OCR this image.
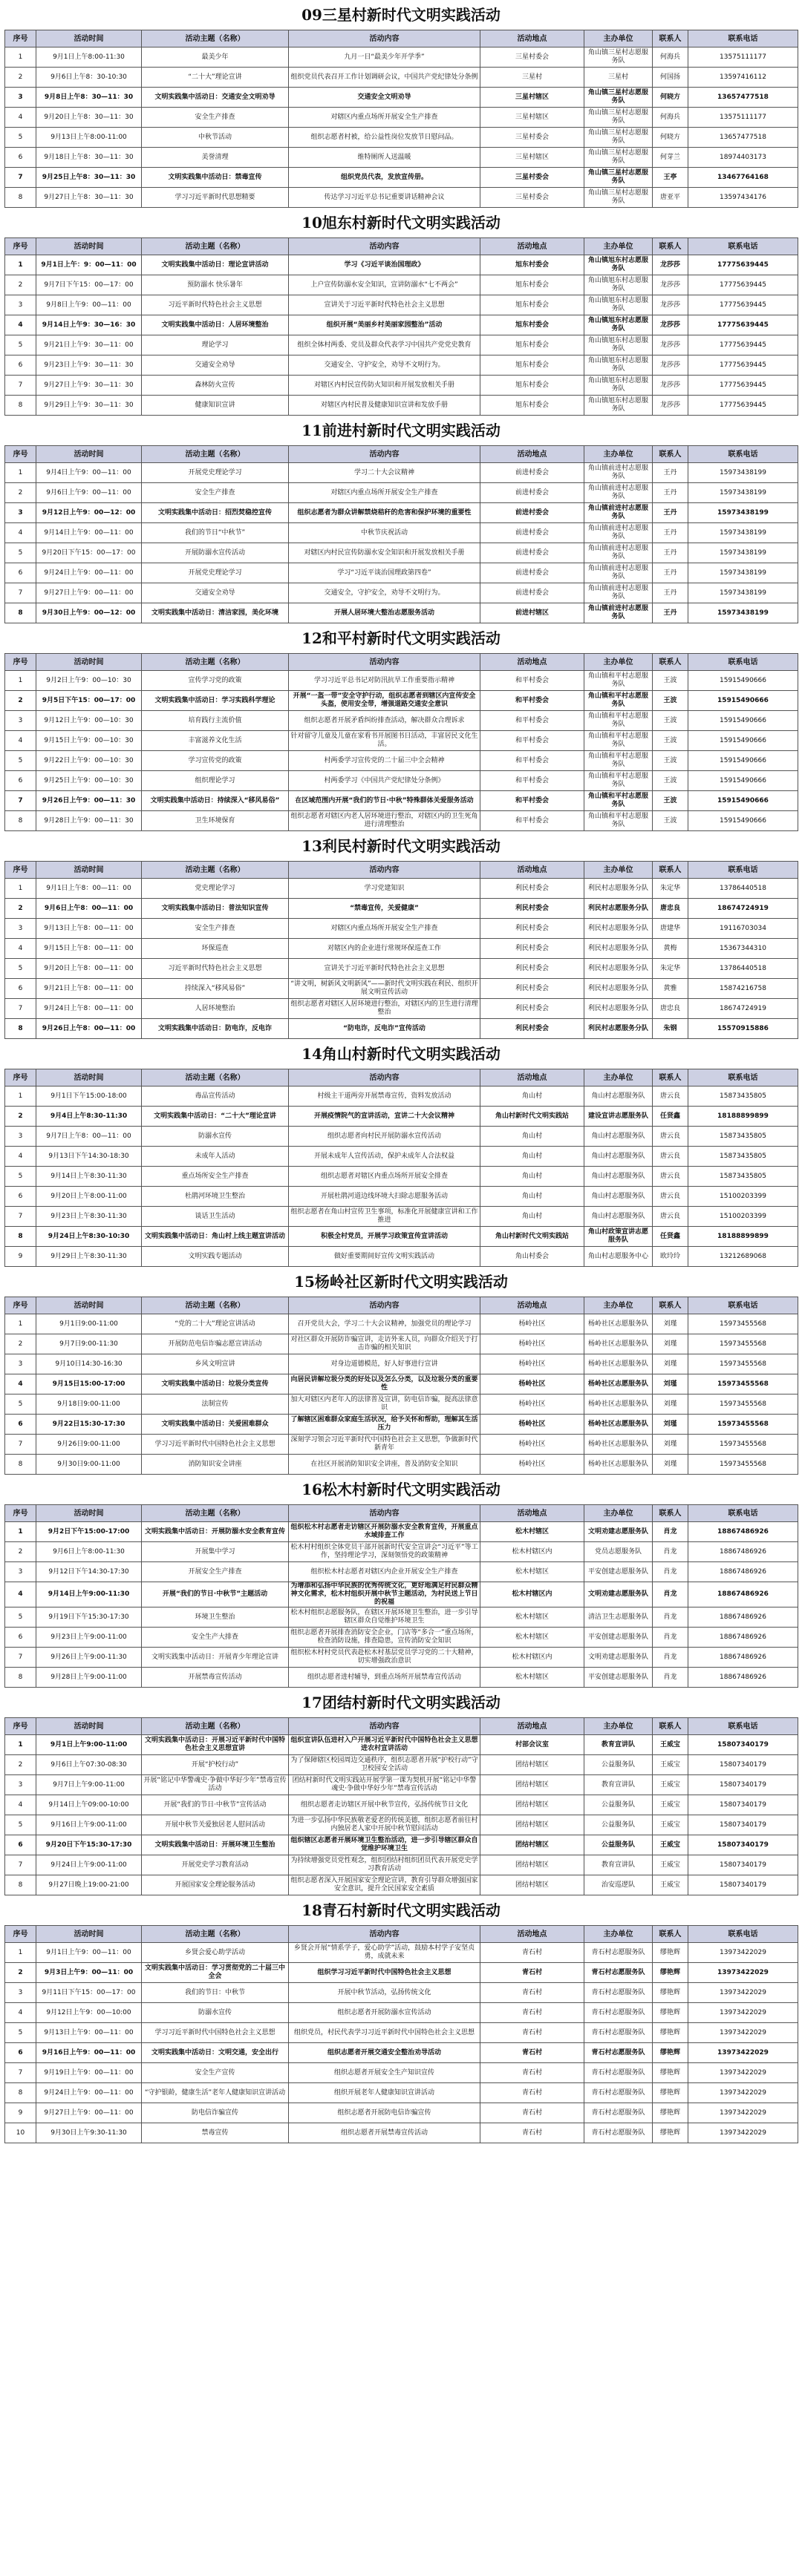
09三星村新时代文明实践活动
序号	活动时间	活动主题（名称）	活动内容	活动地点	主办单位	联系人	联系电话
1	9月1日上午8:00-11:30	最美少年	九月一日“最美少年开学季”	三星村委会	角山镇三星村志愿服务队	何海兵	13575111177
2	9月6日上午8：30-10:30	“二十大”理论宣讲	组织党员代表召开工作计划调研会议，中国共产党纪律处分条例	三星村	三星村	何国扬	13597416112
3	9月8日上午8：30—11：30	文明实践集中活动日：交通安全文明劝导	交通安全文明劝导	三星村辖区	角山镇三星村志愿服务队	何晓方	13657477518
4	9月20日上午8：30—11：30	安全生产排查	对辖区内重点场所开展安全生产排查	三星村辖区	角山镇三星村志愿服务队	何海兵	13575111177
5	9月13日上午8:00-11:00	中秋节活动	组织志愿者村被，给公益性岗位发放节日慰问品。	三星村委会	角山镇三星村志愿服务队	何晓方	13657477518
6	9月18日上午8：30—11：30	美誉清理	维特厕所人送温暖	三星村辖区	角山镇三星村志愿服务队	何芽兰	18974403173
7	9月25日上午8：30—11：30	文明实践集中活动日：禁毒宣传	组织党员代表，发放宣传册。	三星村委会	角山镇三星村志愿服务队	王亭	13467764168
8	9月27日上午8：30—11：30	学习习近平新时代思想精要	传达学习习近平总书记重要讲话精神会议	三星村委会	角山镇三星村志愿服务队	唐亚平	13597434176
10旭东村新时代文明实践活动
序号	活动时间	活动主题（名称）	活动内容	活动地点	主办单位	联系人	联系电话
1	9月1日上午：9：00—11：00	文明实践集中活动日：理论宣讲活动	学习《习近平谈治国理政》	旭东村委会	角山镇旭东村志愿服务队	龙莎莎	17775639445
2	9月7日下午15：00—17：00	预防溺水 快乐暑年	上户宣传防溺水安全知识，宣讲防溺水“七不两会”	旭东村委会	角山镇旭东村志愿服务队	龙莎莎	17775639445
3	9月8日上午9：00—11：00	习近平新时代特色社会主义思想	宣讲关于习近平新时代特色社会主义思想	旭东村委会	角山镇旭东村志愿服务队	龙莎莎	17775639445
4	9月14日上午9：30—16：30	文明实践集中活动日：人居环境整治	组织开展“美丽乡村美丽家园整治”活动	旭东村委会	角山镇旭东村志愿服务队	龙莎莎	17775639445
5	9月21日上午9：30—11：00	理论学习	组织全体村两委、党员及群众代表学习中国共产党党史教育	旭东村委会	角山镇旭东村志愿服务队	龙莎莎	17775639445
6	9月23日上午9：30—11：30	交通安全劝导	交通安全、守护安全，劝导不文明行为。	旭东村委会	角山镇旭东村志愿服务队	龙莎莎	17775639445
7	9月27日上午9：30—11：30	森林防火宣传	对辖区内村民宣传防火知识和开展发放相关手册	旭东村委会	角山镇旭东村志愿服务队	龙莎莎	17775639445
8	9月29日上午9：30—11：30	健康知识宣讲	对辖区内村民普及健康知识宣讲和发放手册	旭东村委会	角山镇旭东村志愿服务队	龙莎莎	17775639445
11前进村新时代文明实践活动
序号	活动时间	活动主题（名称）	活动内容	活动地点	主办单位	联系人	联系电话
1	9月4日上午9：00—11：00	开展党史理论学习	学习二十大会议精神	前进村委会	角山镇前进村志愿服务队	王丹	15973438199
2	9月6日上午9：00—11：00	安全生产排查	对辖区内重点场所开展安全生产排查	前进村委会	角山镇前进村志愿服务队	王丹	15973438199
3	9月12日上午9：00—12：00	文明实践集中活动日：招烈焚稳控宣传	组织志愿者为群众讲解禁烧秸秆的危害和保护环境的重要性	前进村委会	角山镇前进村志愿服务队	王丹	15973438199
4	9月14日上午9：00—11：00	我们的节日“中秋节”	中秋节庆祝活动	前进村委会	角山镇前进村志愿服务队	王丹	15973438199
5	9月20日下午15：00—17：00	开展防溺水宣传活动	对辖区内村民宣传防溺水安全知识和开展发放相关手册	前进村委会	角山镇前进村志愿服务队	王丹	15973438199
6	9月24日上午9：00—11：00	开展党史理论学习	学习“习近平谈治国理政第四卷”	前进村委会	角山镇前进村志愿服务队	王丹	15973438199
7	9月27日上午9：00—11：00	交通安全劝导	交通安全，守护安全，劝导不文明行为。	前进村委会	角山镇前进村志愿服务队	王丹	15973438199
8	9月30日上午9：00—12：00	文明实践集中活动日：清洁家园，美化环境	开展人居环境大整治志愿服务活动	前进村辖区	角山镇前进村志愿服务队	王丹	15973438199
12和平村新时代文明实践活动
序号	活动时间	活动主题（名称）	活动内容	活动地点	主办单位	联系人	联系电话
1	9月2日上午9：00—10：30	宣传学习党的政策	学习习近平总书记对防汛抗旱工作重要指示精神	和平村委会	角山镇和平村志愿服务队	王波	15915490666
2	9月5日下午15：00—17：00	文明实践集中活动日：学习实践科学理论	开展“一盔一带”安全守护行动，组织志愿者到辖区内宣传安全头盔，使用安全带，增强道路交通安全意识	和平村委会	角山镇和平村志愿服务队	王波	15915490666
3	9月12日上午9：00—10：30	培育践行主流价值	组织志愿者开展矛盾纠纷排查活动，解决群众合理诉求	和平村委会	角山镇和平村志愿服务队	王波	15915490666
4	9月15日上午9：00—10：30	丰富滋养文化生活	针对留守儿童及儿童在家看书开展图书日活动，丰富居民文化生活。	和平村委会	角山镇和平村志愿服务队	王波	15915490666
5	9月22日上午9：00—10：30	学习宣传党的政策	村两委学习宣传党的二十届三中全会精神	和平村委会	角山镇和平村志愿服务队	王波	15915490666
6	9月25日上午9：00—10：30	组织理论学习	村两委学习《中国共产党纪律处分条例》	和平村委会	角山镇和平村志愿服务队	王波	15915490666
7	9月26日上午9：00—11：30	文明实践集中活动日：持续深入“移风易俗”	在区域范围内开展“我们的节日·中秋”特殊群体关爱服务活动	和平村委会	角山镇和平村志愿服务队	王波	15915490666
8	9月28日上午9：00—11：30	卫生环境保育	组织志愿者对辖区内老人居环境进行整治，对辖区内的卫生死角进行清理整治	和平村委会	角山镇和平村志愿服务队	王波	15915490666
13利民村新时代文明实践活动
序号	活动时间	活动主题（名称）	活动内容	活动地点	主办单位	联系人	联系电话
1	9月1日上午8：00—11：00	党史理论学习	学习党建知识	利民村委会	利民村志愿服务分队	朱定华	13786440518
2	9月6日上午8：00—11：00	文明实践集中活动日：普法知识宣传	“禁毒宣传，关爱健康”	利民村委会	利民村志愿服务分队	唐忠良	18674724919
3	9月13日上午8：00—11：00	安全生产排查	对辖区内重点场所开展安全生产排查	利民村委会	利民村志愿服务分队	唐建华	19116703034
4	9月15日上午8：00—11：00	环保巡查	对辖区内的企业进行常规环保巡查工作	利民村委会	利民村志愿服务分队	黄梅	15367344310
5	9月20日上午8：00—11：00	习近平新时代特色社会主义思想	宣讲关于习近平新时代特色社会主义思想	利民村委会	利民村志愿服务分队	朱定华	13786440518
6	9月21日上午8：00—11：00	持续深入“移风易俗”	“讲文明，树新风文明新风”——新时代文明实践在利民、组织开展文明宣传活动	利民村委会	利民村志愿服务分队	黄雅	15874216758
7	9月24日上午8：00—11：00	人居环境整治	组织志愿者对辖区人居环境进行整治，对辖区内的卫生进行清理整治	利民村委会	利民村志愿服务分队	唐忠良	18674724919
8	9月26日上午8：00—11：00	文明实践集中活动日：防电诈，反电诈	“防电诈，反电诈”宣传活动	利民村委会	利民村志愿服务分队	朱钢	15570915886
14角山村新时代文明实践活动
序号	活动时间	活动主题（名称）	活动内容	活动地点	主办单位	联系人	联系电话
1	9月1日下午15:00-18:00	毒品宣传活动	村级主干道两旁开展禁毒宣传，资料发放活动	角山村	角山村志愿服务队	唐云良	15873435805
2	9月4日上午8:30-11:30	文明实践集中活动日：“二十大”理论宣讲	开展疫情院气的宣讲活动，宣讲二十大会议精神	角山村新时代文明实践站	建设宣讲志愿服务队	任贤鑫	18188899899
3	9月7日上午8：00—11：00	防溺水宣传	组织志愿者向村民开展防溺水宣传活动	角山村	角山村志愿服务队	唐云良	15873435805
4	9月13日下午14:30-18:30	未成年人活动	开展未成年人宣传活动，保护未成年人合法权益	角山村	角山村志愿服务队	唐云良	15873435805
5	9月14日上午8:30-11:30	重点场所安全生产排查	组织志愿者对辖区内重点场所开展安全排查	角山村	角山村志愿服务队	唐云良	15873435805
6	9月20日上午8:00-11:00	杜鹃河环境卫生整治	开展杜鹃河道边线环境大扫除志愿服务活动	角山村	角山村志愿服务队	唐云良	15100203399
7	9月23日上午8:30-11:30	谈话卫生活动	组织志愿者在角山村宣传卫生事项，标准化开展健康宣讲和工作推进	角山村	角山村志愿服务队	唐云良	15100203399
8	9月24日上午8:30-10:30	文明实践集中活动日：角山村上线主题宣讲活动	积极全村党员，开展学习政策宣传宣讲活动	角山村新时代文明实践站	角山村政策宣讲志愿服务队	任贤鑫	18188899899
9	9月29日上午8:30-11:30	文明实践专题活动	做好重要期间好宣传文明实践活动	角山村委会	角山村志愿服务中心	欧玲玲	13212689068
15杨岭社区新时代文明实践活动
序号	活动时间	活动主题（名称）	活动内容	活动地点	主办单位	联系人	联系电话
1	9月1日9:00-11:00	“党的二十大”理论宣讲活动	召开党员大会，学习二十大会议精神，加强党员的理论学习	杨岭社区	杨岭社区志愿服务队	刘瑾	15973455568
2	9月7日9:00-11:30	开展防范电信诈骗志愿宣讲活动	对社区群众开展防诈骗宣讲，走访外来人员，向群众介绍关于打击诈骗的相关知识	杨岭社区	杨岭社区志愿服务队	刘瑾	15973455568
3	9月10日14:30-16:30	乡风文明宣讲	对身边道德模范，好人好事进行宣讲	杨岭社区	杨岭社区志愿服务队	刘瑾	15973455568
4	9月15日15:00-17:00	文明实践集中活动日：垃圾分类宣传	向居民讲解垃圾分类的好处以及怎么分类，以及垃圾分类的重要性	杨岭社区	杨岭社区志愿服务队	刘瑾	15973455568
5	9月18日9:00-11:00	法制宣传	加大对辖区内老年人的法律普及宣讲，防电信诈骗，提高法律意识	杨岭社区	杨岭社区志愿服务队	刘瑾	15973455568
6	9月22日15:30-17:30	文明实践集中活动日：关爱困难群众	了解辖区困难群众家庭生活状况，给予关怀和帮助，理解其生活压力	杨岭社区	杨岭社区志愿服务队	刘瑾	15973455568
7	9月26日9:00-11:00	学习习近平新时代中国特色社会主义思想	深刻学习领会习近平新时代中国特色社会主义思想，争做新时代新青年	杨岭社区	杨岭社区志愿服务队	刘瑾	15973455568
8	9月30日9:00-11:00	消防知识安全讲座	在社区开展消防知识安全讲座，普及消防安全知识	杨岭社区	杨岭社区志愿服务队	刘瑾	15973455568
16松木村新时代文明实践活动
序号	活动时间	活动主题（名称）	活动内容	活动地点	主办单位	联系人	联系电话
1	9月2日下午15:00-17:00	文明实践集中活动日：开展防溺水安全教育宣传	组织松木村志愿者走访辖区开展防溺水安全教育宣传，开展重点水域排查工作	松木村辖区	文明劝建志愿服务队	肖龙	18867486926
2	9月6日上午8:00-11:30	开展集中学习	松木村村组织全体党员干部开展新时代安全宣讲会“习近平”等工作，坚持理论学习，深刻领悟党的政策精神	松木村辖区内	党员志愿服务队	肖龙	18867486926
3	9月12日下午14:30-17:30	开展安全生产排查	组织松木村志愿者对辖区内企业开展安全生产排查	松木村辖区	平安创建志愿服务队	肖龙	18867486926
4	9月14日上午9:00-11:30	开展“我们的节日·中秋节”主题活动	为增添和弘扬中华民族的优秀传统文化，更好地满足村民群众精神文化需求，松木村组织开展中秋节主题活动，为村民送上节日的祝福	松木村辖区内	文明劝建志愿服务队	肖龙	18867486926
5	9月19日下午15:30-17:30	环境卫生整治	松木村组织志愿服务队，在辖区开展环境卫生整治，进一步引导辖区群众自觉维护环境卫生	松木村辖区	清洁卫生志愿服务队	肖龙	18867486926
6	9月23日上午9:00-11:00	安全生产大排查	组织志愿者开展排查消防安全企业，门店等“多合一”重点场所，检查消防设施，排查隐患，宣传消防安全知识	松木村辖区	平安创建志愿服务队	肖龙	18867486926
7	9月26日上午9:00-11:30	文明实践集中活动日：开展青少年理论宣讲	组织松木村村党员代表赴松木村基层党员学习党的二十大精神，切实增强政治意识	松木村辖区内	文明劝建志愿服务队	肖龙	18867486926
8	9月28日上午9:00-11:00	开展禁毒宣传活动	组织志愿者进村辅导，到重点场所开展禁毒宣传活动	松木村辖区	平安创建志愿服务队	肖龙	18867486926
17团结村新时代文明实践活动
序号	活动时间	活动主题（名称）	活动内容	活动地点	主办单位	联系人	联系电话
1	9月1日上午9:00-11:00	文明实践集中活动日：开展习近平新时代中国特色社会主义思想宣讲	组织宣讲队伍进村入户开展习近平新时代中国特色社会主义思想进农村宣讲活动	村部会议室	教育宣讲队	王威宝	15807340179
2	9月6日上午07:30-08:30	开展“护校行动”	为了保障辖区校园周边交通秩序，组织志愿者开展“护校行动”守卫校园安全活动	团结村辖区	公益服务队	王威宝	15807340179
3	9月7日上午9:00-11:00	开展“铭记中华警魂史·争做中华好少年”禁毒宣传活动	团结村新时代文明实践站开展学第一课为契机开展“铭记中华警魂史·争做中华好少年”禁毒宣传活动	团结村辖区	教育宣讲队	王威宝	15807340179
4	9月14日上午09:00-10:00	开展“我们的节日·中秋节”宣传活动	组织志愿者走访辖区开展中秋节宣传，弘扬传统节日文化	团结村辖区	公益服务队	王威宝	15807340179
5	9月16日上午9:00-11:00	开展中秋节关爱独居老人慰问活动	为进一步弘扬中华民族敬老爱老的传统美德，组织志愿者前往村内独居老人家中开展中秋节慰问活动	团结村辖区	公益服务队	王威宝	15807340179
6	9月20日下午15:30-17:30	文明实践集中活动日：开展环境卫生整治	组织辖区志愿者开展环境卫生整治活动，进一步引导辖区群众自觉维护环境卫生	团结村辖区	公益服务队	王威宝	15807340179
7	9月24日上午9:00-11:00	开展党史学习教育活动	为持续增强党员党性观念，组织团结村组织团员代表开展党史学习教育活动	团结村辖区	教育宣讲队	王威宝	15807340179
8	9月27日晚上19:00-21:00	开展国家安全理论服务活动	组织志愿者深入开展国家安全理论宣讲，教育引导群众增强国家安全意识，提升全民国家安全素质	团结村辖区	治安巡逻队	王威宝	15807340179
18青石村新时代文明实践活动
序号	活动时间	活动主题（名称）	活动内容	活动地点	主办单位	联系人	联系电话
1	9月1日上午9：00—11：00	乡贤会爱心助学活动	乡贤会开展“情系学子，爱心助学”活动，鼓励本村学子安坚贞勇，成就未来	青石村	青石村志愿服务队	缪艳辉	13973422029
2	9月3日上午9：00—11：00	文明实践集中活动日：学习贯彻党的二十届三中全会	组织学习习近平新时代中国特色社会主义思想	青石村	青石村志愿服务队	缪艳辉	13973422029
3	9月11日下午15：00—17：00	我们的节日：中秋节	开展中秋节活动，弘扬传统文化	青石村	青石村志愿服务队	缪艳辉	13973422029
4	9月12日上午9：00—10:00	防溺水宣传	组织志愿者开展防溺水宣传活动	青石村	青石村志愿服务队	缪艳辉	13973422029
5	9月13日上午9：00—11：00	学习习近平新时代中国特色社会主义思想	组织党员，村民代表学习习近平新时代中国特色社会主义思想	青石村	青石村志愿服务队	缪艳辉	13973422029
6	9月16日上午9：00—11：00	文明实践集中活动日：文明交通，安全出行	组织志愿者开展交通安全整治劝导活动	青石村	青石村志愿服务队	缪艳辉	13973422029
7	9月19日上午9：00—11：00	安全生产宣传	组织志愿者开展安全生产知识宣传	青石村	青石村志愿服务队	缪艳辉	13973422029
8	9月24日上午9：00—11：00	“守护银龄，健康生活”老年人健康知识宣讲活动	组织开展老年人健康知识宣讲活动	青石村	青石村志愿服务队	缪艳辉	13973422029
9	9月27日上午9：00—11：00	防电信诈骗宣传	组织志愿者开展防电信诈骗宣传	青石村	青石村志愿服务队	缪艳辉	13973422029
10	9月30日上午9:30-11:30	禁毒宣传	组织志愿者开展禁毒宣传活动	青石村	青石村志愿服务队	缪艳辉	13973422029
